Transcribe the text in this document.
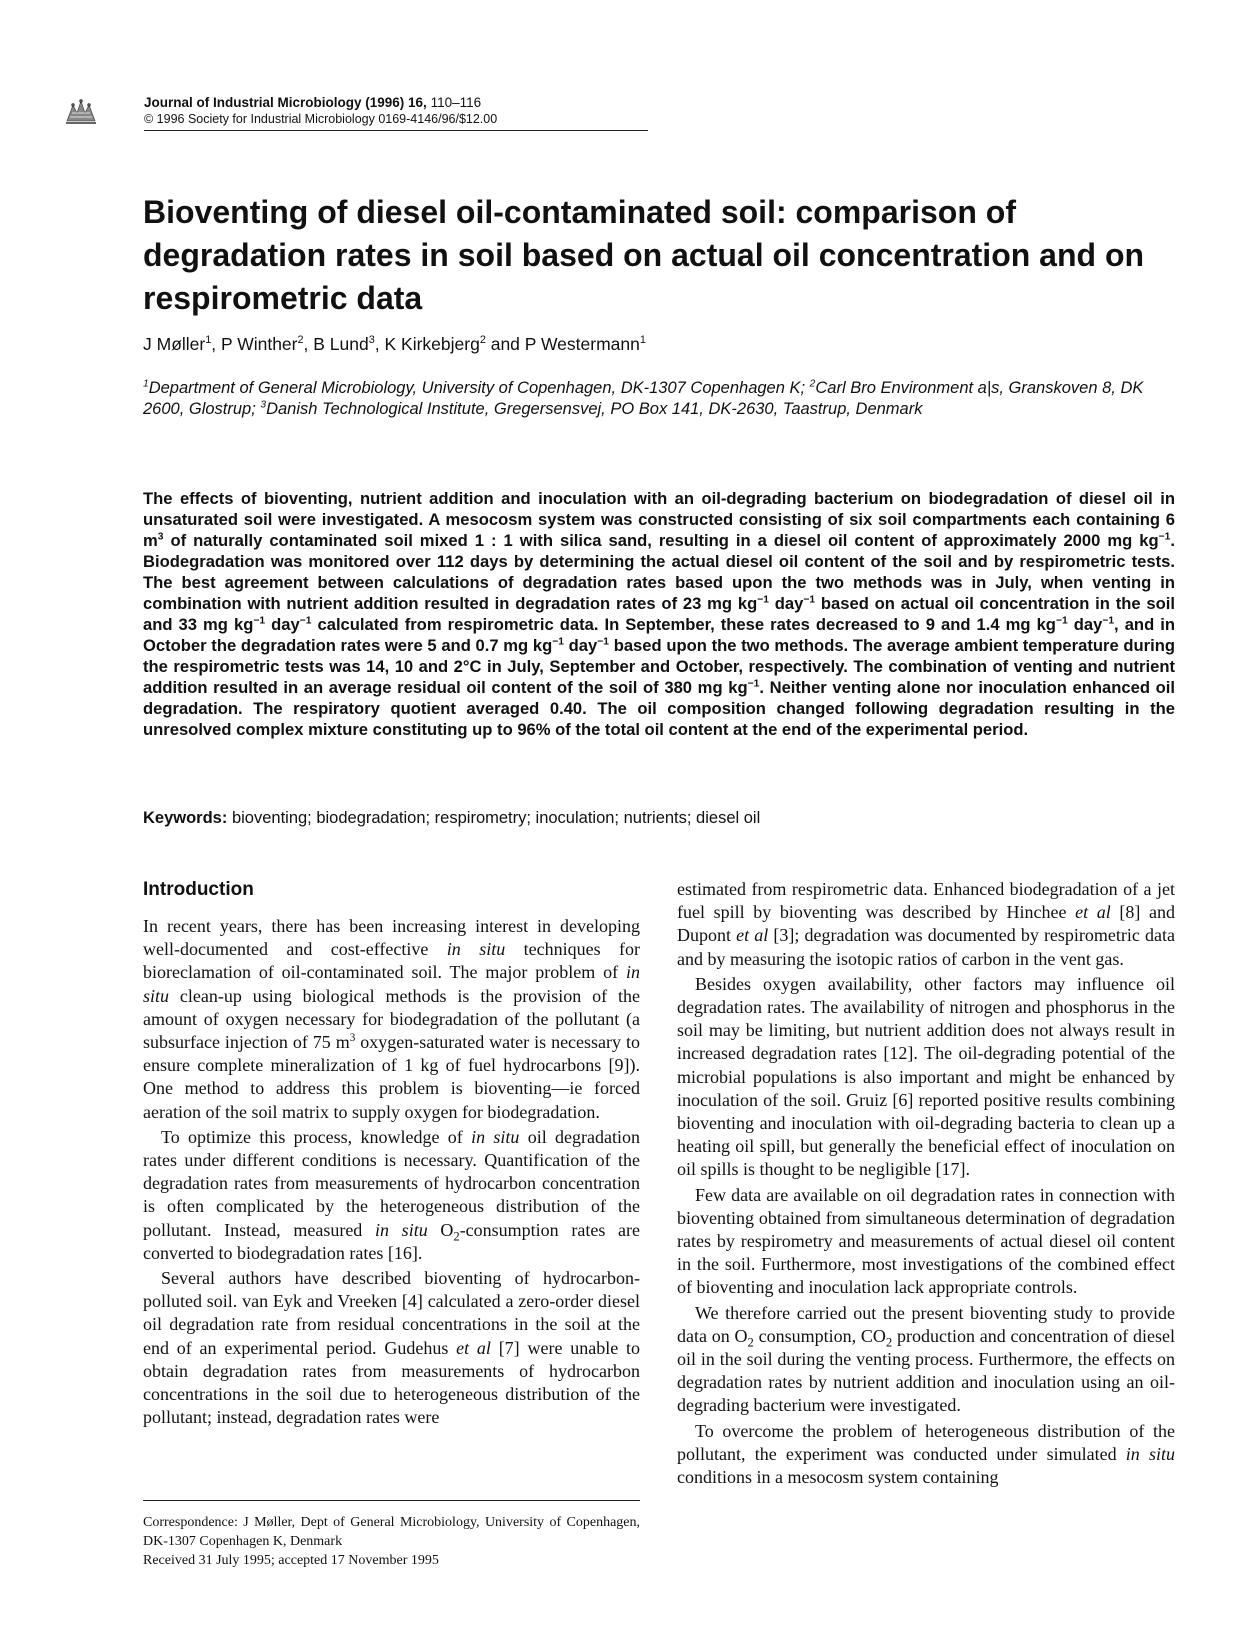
Journal of Industrial Microbiology (1996) 16, 110–116
© 1996 Society for Industrial Microbiology 0169-4146/96/$12.00
Bioventing of diesel oil-contaminated soil: comparison of degradation rates in soil based on actual oil concentration and on respirometric data
J Møller$^1$, P Winther$^2$, B Lund$^3$, K Kirkebjerg$^2$ and P Westermann$^1$

$^1$Department of General Microbiology, University of Copenhagen, DK-1307 Copenhagen K; $^2$Carl Bro Environment a|s, Granskoven 8, DK 2600, Glostrup; $^3$Danish Technological Institute, Gregersensvej, PO Box 141, DK-2630, Taastrup, Denmark

The effects of bioventing, nutrient addition and inoculation with an oil-degrading bacterium on biodegradation of diesel oil in unsaturated soil were investigated. A mesocosm system was constructed consisting of six soil compartments each containing 6 $m^3$ of naturally contaminated soil mixed 1 : 1 with silica sand, resulting in a diesel oil content of approximately 2000 mg $kg^{-1}$. Biodegradation was monitored over 112 days by determining the actual diesel oil content of the soil and by respirometric tests. The best agreement between calculations of degradation rates based upon the two methods was in July, when venting in combination with nutrient addition resulted in degradation rates of 23 mg $kg^{-1}$ day$^{-1}$ based on actual oil concentration in the soil and 33 mg $kg^{-1}$ day$^{-1}$ calculated from respirometric data. In September, these rates decreased to 9 and 1.4 mg $kg^{-1}$ day$^{-1}$, and in October the degradation rates were 5 and 0.7 mg $kg^{-1}$ day$^{-1}$ based upon the two methods. The average ambient temperature during the respirometric tests was 14, 10 and 2°C in July, September and October, respectively. The combination of venting and nutrient addition resulted in an average residual oil content of the soil of 380 mg $kg^{-1}$. Neither venting alone nor inoculation enhanced oil degradation. The respiratory quotient averaged 0.40. The oil composition changed following degradation resulting in the unresolved complex mixture constituting up to 96% of the total oil content at the end of the experimental period.

Keywords: bioventing; biodegradation; respirometry; inoculation; nutrients; diesel oil
Introduction

In recent years, there has been increasing interest in developing well-documented and cost-effective in situ techniques for bioreclamation of oil-contaminated soil. The major problem of in situ clean-up using biological methods is the provision of the amount of oxygen necessary for biodegradation of the pollutant (a subsurface injection of 75 $m^3$ oxygen-saturated water is necessary to ensure complete mineralization of 1 kg of fuel hydrocarbons [9]). One method to address this problem is bioventing—ie forced aeration of the soil matrix to supply oxygen for biodegradation.

To optimize this process, knowledge of in situ oil degradation rates under different conditions is necessary. Quantification of the degradation rates from measurements of hydrocarbon concentration is often complicated by the heterogeneous distribution of the pollutant. Instead, measured in situ $O_2$-consumption rates are converted to biodegradation rates [16].

Several authors have described bioventing of hydrocarbon-polluted soil. van Eyk and Vreeken [4] calculated a zero-order diesel oil degradation rate from residual concentrations in the soil at the end of an experimental period. Gudehus et al [7] were unable to obtain degradation rates from measurements of hydrocarbon concentrations in the soil due to heterogeneous distribution of the pollutant; instead, degradation rates were

estimated from respirometric data. Enhanced biodegradation of a jet fuel spill by bioventing was described by Hinchee et al [8] and Dupont et al [3]; degradation was documented by respirometric data and by measuring the isotopic ratios of carbon in the vent gas.

Besides oxygen availability, other factors may influence oil degradation rates. The availability of nitrogen and phosphorus in the soil may be limiting, but nutrient addition does not always result in increased degradation rates [12]. The oil-degrading potential of the microbial populations is also important and might be enhanced by inoculation of the soil. Gruiz [6] reported positive results combining bioventing and inoculation with oil-degrading bacteria to clean up a heating oil spill, but generally the beneficial effect of inoculation on oil spills is thought to be negligible [17].

Few data are available on oil degradation rates in connection with bioventing obtained from simultaneous determination of degradation rates by respirometry and measurements of actual diesel oil content in the soil. Furthermore, most investigations of the combined effect of bioventing and inoculation lack appropriate controls.

We therefore carried out the present bioventing study to provide data on $O_2$ consumption, $CO_2$ production and concentration of diesel oil in the soil during the venting process. Furthermore, the effects on degradation rates by nutrient addition and inoculation using an oil-degrading bacterium were investigated.

To overcome the problem of heterogeneous distribution of the pollutant, the experiment was conducted under simulated in situ conditions in a mesocosm system containing

Correspondence: J Møller, Dept of General Microbiology, University of Copenhagen, DK-1307 Copenhagen K, Denmark

Received 31 July 1995; accepted 17 November 1995
